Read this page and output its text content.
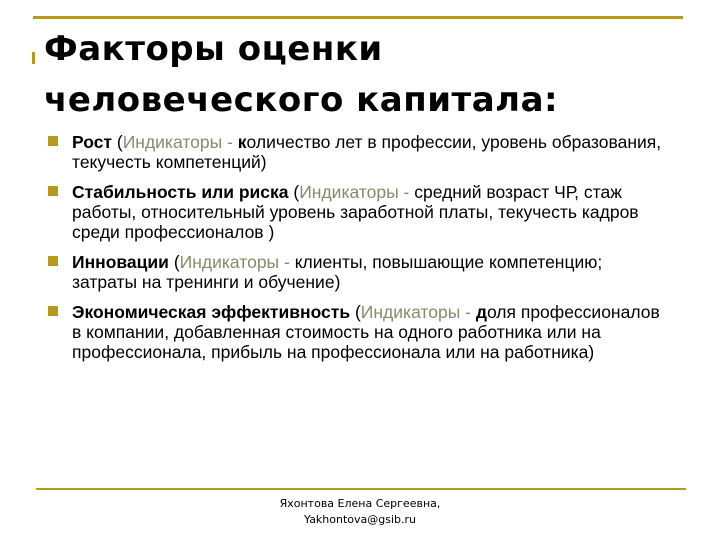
Факторы оценки человеческого капитала:
Рост (Индикаторы - количество лет в профессии, уровень образования, текучесть компетенций)
Стабильность или риска (Индикаторы - средний возраст ЧР, стаж работы, относительный уровень заработной платы, текучесть кадров среди профессионалов )
Инновации (Индикаторы - клиенты, повышающие компетенцию; затраты на тренинги и обучение)
Экономическая эффективность (Индикаторы - доля профессионалов в компании, добавленная стоимость на одного работника или на профессионала, прибыль на профессионала или на работника)
Яхонтова Елена Сергеевна,
Yakhontova@gsib.ru
